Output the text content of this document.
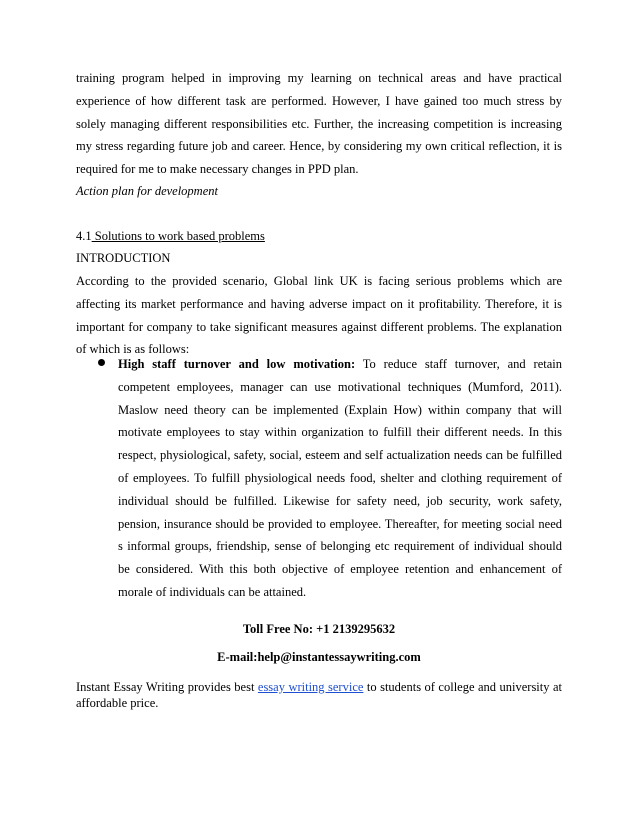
training program helped in improving my learning on technical areas and have practical experience of how different task are performed. However, I have gained too much stress by solely managing different responsibilities etc. Further, the increasing competition is increasing my stress regarding future job and career. Hence, by considering my own critical reflection, it is required for me to make necessary changes in PPD plan.

Action plan for development

4.1 Solutions to work based problems

INTRODUCTION

According to the provided scenario, Global link UK is facing serious problems which are affecting its market performance and having adverse impact on it profitability. Therefore, it is important for company to take significant measures against different problems. The explanation of which is as follows:

High staff turnover and low motivation: To reduce staff turnover, and retain competent employees, manager can use motivational techniques (Mumford, 2011). Maslow need theory can be implemented (Explain How) within company that will motivate employees to stay within organization to fulfill their different needs. In this respect, physiological, safety, social, esteem and self actualization needs can be fulfilled of employees. To fulfill physiological needs food, shelter and clothing requirement of individual should be fulfilled. Likewise for safety need, job security, work safety, pension, insurance should be provided to employee. Thereafter, for meeting social need s informal groups, friendship, sense of belonging etc requirement of individual should be considered. With this both objective of employee retention and enhancement of morale of individuals can be attained.
Toll Free No: +1 2139295632
E-mail:help@instantessaywriting.com
Instant Essay Writing provides best essay writing service to students of college and university at affordable price.
